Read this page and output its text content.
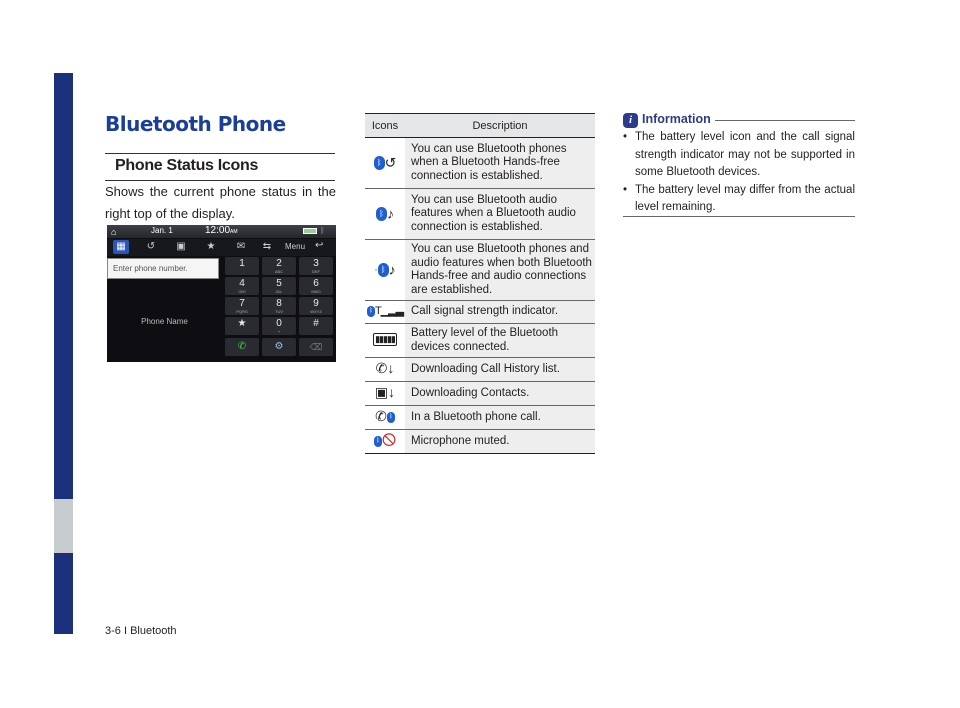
Bluetooth Phone
Phone Status Icons
Shows the current phone status in the right top of the display.
⌂	Jan. 1	12:00AM	ᛒ
▦	↺	▣	★	✉	⇆	Menu ↩
Enter phone number.
Phone Name
1	2
ABC
3
DEF
4
GHI
5
JKL
6
MNO
7
PQRS
8
TUV
9
WXYZ
★	0
+
#
✆	⚙	⌫
Icons	Description
ᛒ ↺	You can use Bluetooth phones when a Bluetooth Hands-free connection is established.
ᛒ ♪	You can use Bluetooth audio features when a Bluetooth audio connection is established.
· ᛒ ♪	You can use Bluetooth phones and audio features when both Bluetooth Hands-free and audio connections are established.
ᛒ T▁▂▃	Call signal strength indicator.
▮▮▮▮▮	Battery level of the Bluetooth devices connected.
✆↓	Downloading Call History list.
▣↓	Downloading Contacts.
✆ ᛒ	In a Bluetooth phone call.
ᛒ 🛇	Microphone muted.
i Information
• The battery level icon and the call signal strength indicator may not be supported in some Bluetooth devices.
• The battery level may differ from the actual level remaining.
3-6 I Bluetooth
